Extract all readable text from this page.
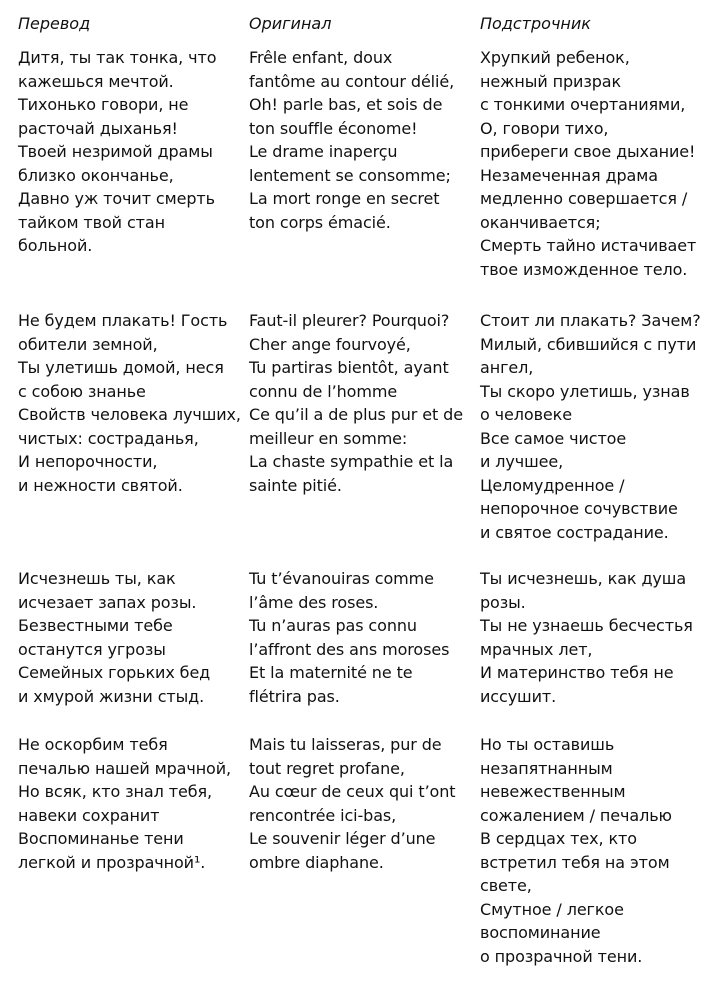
Перевод
Дитя, ты так тонка, что
кажешься мечтой.
Тихонько говори, не
расточай дыханья!
Твоей незримой драмы
близко окончанье,
Давно уж точит смерть
тайком твой стан
больной.
Не будем плакать! Гость
обители земной,
Ты улетишь домой, неся
с собою знанье
Свойств человека лучших,
чистых: состраданья,
И непорочности,
и нежности святой.
Исчезнешь ты, как
исчезает запах розы.
Безвестными тебе
останутся угрозы
Семейных горьких бед
и хмурой жизни стыд.
Не оскорбим тебя
печалью нашей мрачной,
Но всяк, кто знал тебя,
навеки сохранит
Воспоминанье тени
легкой и прозрачной¹.
Оригинал
Frêle enfant, doux
fantôme au contour délié,
Oh! parle bas, et sois de
ton souffle économe!
Le drame inaperçu
lentement se consomme;
La mort ronge en secret
ton corps émacié.
Faut-il pleurer? Pourquoi?
Cher ange fourvoyé,
Tu partiras bientôt, ayant
connu de l’homme
Ce qu’il a de plus pur et de
meilleur en somme:
La chaste sympathie et la
sainte pitié.
Tu t’évanouiras comme
l’âme des roses.
Tu n’auras pas connu
l’affront des ans moroses
Et la maternité ne te
flétrira pas.
Mais tu laisseras, pur de
tout regret profane,
Au cœur de ceux qui t’ont
rencontrée ici-bas,
Le souvenir léger d’une
ombre diaphane.
Подстрочник
Хрупкий ребенок,
нежный призрак
с тонкими очертаниями,
О, говори тихо,
прибереги свое дыхание!
Незамеченная драма
медленно совершается /
оканчивается;
Смерть тайно истачивает
твое изможденное тело.
Стоит ли плакать? Зачем?
Милый, сбившийся с пути
ангел,
Ты скоро улетишь, узнав
о человеке
Все самое чистое
и лучшее,
Целомудренное /
непорочное сочувствие
и святое сострадание.
Ты исчезнешь, как душа
розы.
Ты не узнаешь бесчестья
мрачных лет,
И материнство тебя не
иссушит.
Но ты оставишь
незапятнанным
невежественным
сожалением / печалью
В сердцах тех, кто
встретил тебя на этом
свете,
Смутное / легкое
воспоминание
о прозрачной тени.
